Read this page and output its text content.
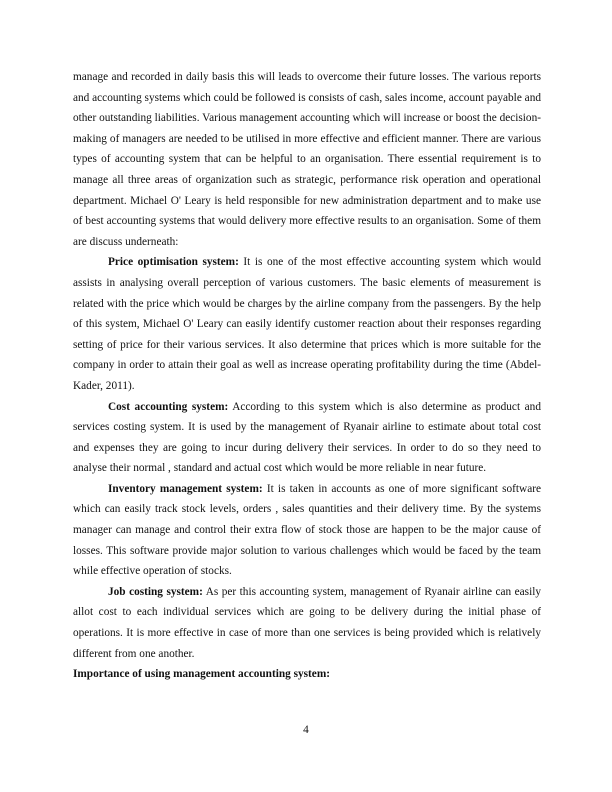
manage and recorded in daily basis this will leads to overcome their future losses. The various reports and accounting systems which could be followed is consists of cash, sales income, account payable and other outstanding liabilities. Various management accounting which will increase or boost the decision-making of managers are needed to be utilised in more effective and efficient manner. There are various types of accounting system that can be helpful to an organisation. There essential requirement is to manage all three areas of organization such as strategic, performance risk operation and operational department. Michael O' Leary is held responsible for new administration department and to make use of best accounting systems that would delivery more effective results to an organisation. Some of them are discuss underneath:

Price optimisation system: It is one of the most effective accounting system which would assists in analysing overall perception of various customers. The basic elements of measurement is related with the price which would be charges by the airline company from the passengers. By the help of this system, Michael O' Leary can easily identify customer reaction about their responses regarding setting of price for their various services. It also determine that prices which is more suitable for the company in order to attain their goal as well as increase operating profitability during the time (Abdel-Kader, 2011).

Cost accounting system: According to this system which is also determine as product and services costing system. It is used by the management of Ryanair airline to estimate about total cost and expenses they are going to incur during delivery their services. In order to do so they need to analyse their normal , standard and actual cost which would be more reliable in near future.

Inventory management system: It is taken in accounts as one of more significant software which can easily track stock levels, orders , sales quantities and their delivery time. By the systems manager can manage and control their extra flow of stock those are happen to be the major cause of losses. This software provide major solution to various challenges which would be faced by the team while effective operation of stocks.

Job costing system: As per this accounting system, management of Ryanair airline can easily allot cost to each individual services which are going to be delivery during the initial phase of operations. It is more effective in case of more than one services is being provided which is relatively different from one another.

Importance of using management accounting system:

4
